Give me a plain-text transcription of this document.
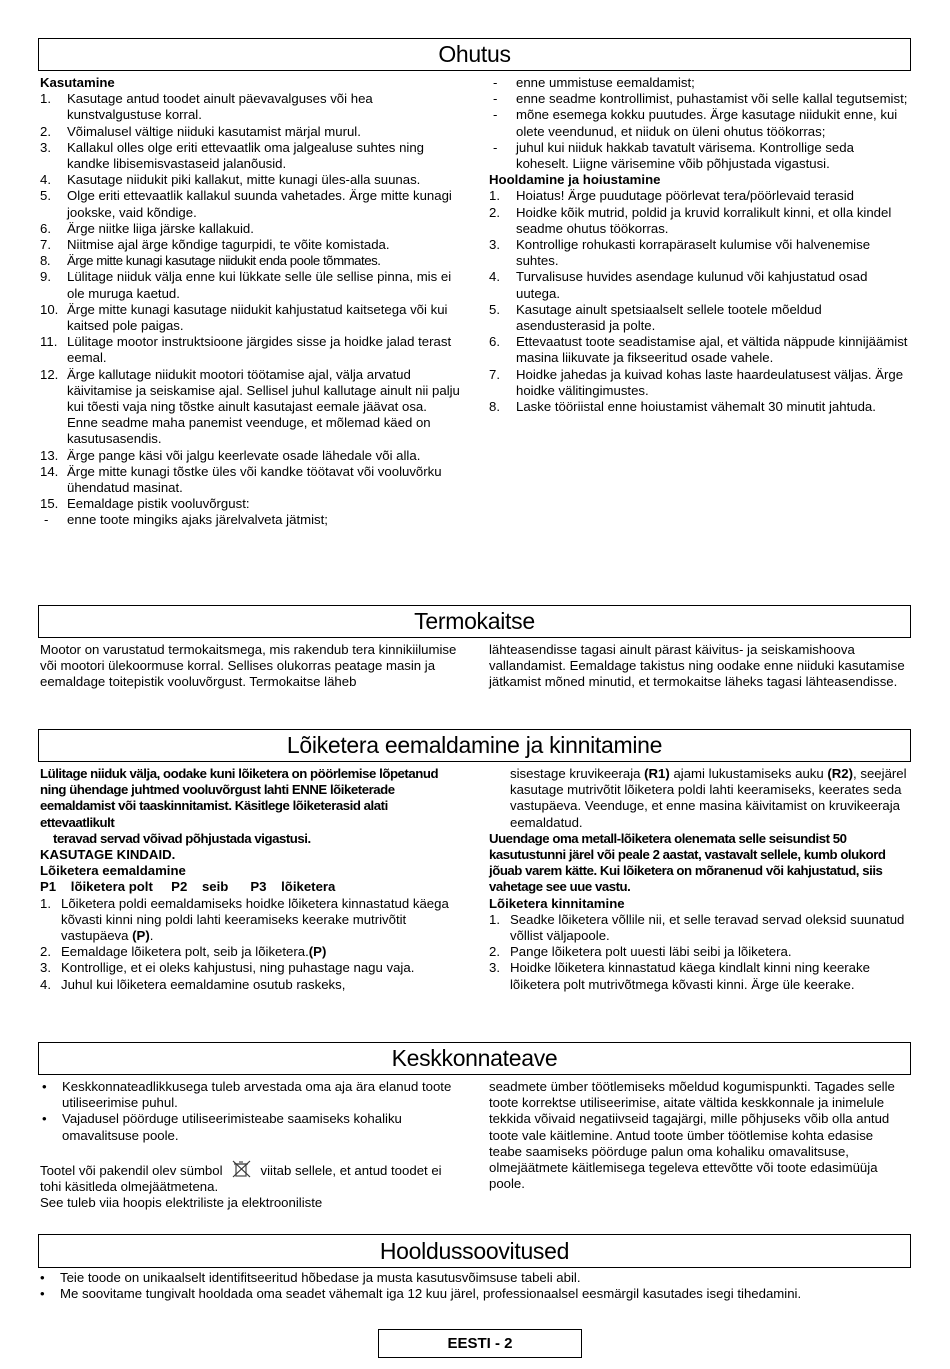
Ohutus

Kasutamine

1. Kasutage antud toodet ainult päevavalguses või hea kunstvalgustuse korral.
2. Võimalusel vältige niiduki kasutamist märjal murul.
3. Kallakul olles olge eriti ettevaatlik oma jalgealuse suhtes ning kandke libisemisvastaseid jalanõusid.
4. Kasutage niidukit piki kallakut, mitte kunagi üles-alla suunas.
5. Olge eriti ettevaatlik kallakul suunda vahetades. Ärge mitte kunagi jookske, vaid kõndige.
6. Ärge niitke liiga järske kallakuid.
7. Niitmise ajal ärge kõndige tagurpidi, te võite komistada.
8. Ärge mitte kunagi kasutage niidukit enda poole tõmmates.
9. Lülitage niiduk välja enne kui lükkate selle üle sellise pinna, mis ei ole muruga kaetud.
10. Ärge mitte kunagi kasutage niidukit kahjustatud kaitsetega või kui kaitsed pole paigas.
11. Lülitage mootor instruktsioone järgides sisse ja hoidke jalad terast eemal.
12. Ärge kallutage niidukit mootori töötamise ajal, välja arvatud käivitamise ja seiskamise ajal. Sellisel juhul kallutage ainult nii palju kui tõesti vaja ning tõstke ainult kasutajast eemale jäävat osa. Enne seadme maha panemist veenduge, et mõlemad käed on kasutusasendis.
13. Ärge pange käsi või jalgu keerlevate osade lähedale või alla.
14. Ärge mitte kunagi tõstke üles või kandke töötavat või vooluvõrku ühendatud masinat.
15. Eemaldage pistik vooluvõrgust:
- enne toote mingiks ajaks järelvalveta jätmist;
- enne ummistuse eemaldamist;
- enne seadme kontrollimist, puhastamist või selle kallal tegutsemist;
- mõne esemega kokku puutudes. Ärge kasutage niidukit enne, kui olete veendunud, et niiduk on üleni ohutus töökorras;
- juhul kui niiduk hakkab tavatult värisema. Kontrollige seda koheselt. Liigne värisemine võib põhjustada vigastusi.

Hooldamine ja hoiustamine

1. Hoiatus! Ärge puudutage pöörlevat tera/pöörlevaid terasid
2. Hoidke kõik mutrid, poldid ja kruvid korralikult kinni, et olla kindel seadme ohutus töökorras.
3. Kontrollige rohukasti korrapäraselt kulumise või halvenemise suhtes.
4. Turvalisuse huvides asendage kulunud või kahjustatud osad uutega.
5. Kasutage ainult spetsiaalselt sellele tootele mõeldud asendusterasid ja polte.
6. Ettevaatust toote seadistamise ajal, et vältida näppude kinnijäämist masina liikuvate ja fikseeritud osade vahele.
7. Hoidke jahedas ja kuivad kohas laste haardeulatusest väljas. Ärge hoidke välitingimustes.
8. Laske tööriistal enne hoiustamist vähemalt 30 minutit jahtuda.
Termokaitse

Mootor on varustatud termokaitsmega, mis rakendub tera kinnikiilumise või mootori ülekoormuse korral. Sellises olukorras peatage masin ja eemaldage toitepistik vooluvõrgust. Termokaitse läheb

lähteasendisse tagasi ainult pärast käivitus- ja seiskamishoova vallandamist. Eemaldage takistus ning oodake enne niiduki kasutamise jätkamist mõned minutid, et termokaitse läheks tagasi lähteasendisse.

Lõiketera eemaldamine ja kinnitamine

Lülitage niiduk välja, oodake kuni lõiketera on pöörlemise lõpetanud ning ühendage juhtmed vooluvõrgust lahti ENNE lõiketerade eemaldamist või taaskinnitamist. Käsitlege lõiketerasid alati ettevaatlikult

teravad servad võivad põhjustada vigastusi.

KASUTAGE KINDAID.

Lõiketera eemaldamine

P1    lõiketera polt     P2    seib      P3    lõiketera

1. Lõiketera poldi eemaldamiseks hoidke lõiketera kinnastatud käega kõvasti kinni ning poldi lahti keeramiseks keerake mutrivõtit vastupäeva (P).
2. Eemaldage lõiketera polt, seib ja lõiketera.(P)
3. Kontrollige, et ei oleks kahjustusi, ning puhastage nagu vaja.
4. Juhul kui lõiketera eemaldamine osutub raskeks,

sisestage kruvikeeraja (R1) ajami lukustamiseks auku (R2), seejärel kasutage mutrivõtit lõiketera poldi lahti keeramiseks, keerates seda vastupäeva. Veenduge, et enne masina käivitamist on kruvikeeraja eemaldatud.

Uuendage oma metall-lõiketera olenemata selle seisundist 50 kasutustunni järel või peale 2 aastat, vastavalt sellele, kumb olukord jõuab varem kätte. Kui lõiketera on mõranenud või kahjustatud, siis vahetage see uue vastu.

Lõiketera kinnitamine

1. Seadke lõiketera võllile nii, et selle teravad servad oleksid suunatud võllist väljapoole.
2. Pange lõiketera polt uuesti läbi seibi ja lõiketera.
3. Hoidke lõiketera kinnastatud käega kindlalt kinni ning keerake lõiketera polt mutrivõtmega kõvasti kinni. Ärge üle keerake.
Keskkonnateave
• Keskkonnateadlikkusega tuleb arvestada oma aja ära elanud toote utiliseerimise puhul.
• Vajadusel pöörduge utiliseerimisteabe saamiseks kohaliku omavalitsuse poole.

Tootel või pakendil olev sümbol	viitab sellele, et antud toodet ei tohi käsitleda olmejäätmetena.

See tuleb viia hoopis elektriliste ja elektrooniliste

seadmete ümber töötlemiseks mõeldud kogumispunkti. Tagades selle toote korrektse utiliseerimise, aitate vältida keskkonnale ja inimelule tekkida võivaid negatiivseid tagajärgi, mille põhjuseks võib olla antud toote vale käitlemine. Antud toote ümber töötlemise kohta edasise teabe saamiseks pöörduge palun oma kohaliku omavalitsuse, olmejäätmete käitlemisega tegeleva ettevõtte või toote edasimüüja poole.

Hooldussoovitused
• Teie toode on unikaalselt identifitseeritud hõbedase ja musta kasutusvõimsuse tabeli abil.
• Me soovitame tungivalt hooldada oma seadet vähemalt iga 12 kuu järel, professionaalsel eesmärgil kasutades isegi tihedamini.
EESTI - 2
